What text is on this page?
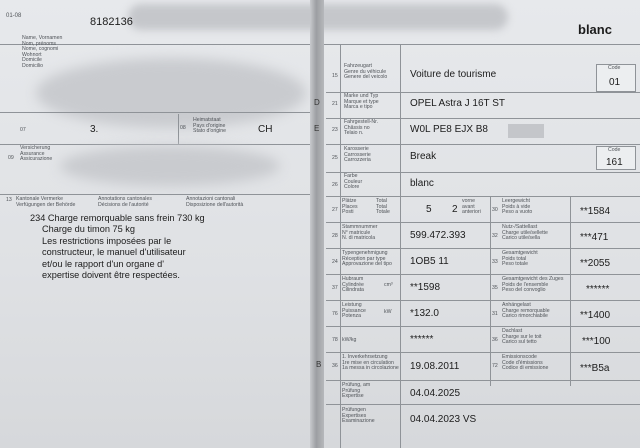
01-08	8182136	blanc
Name, Vornamen
Nom, prénoms
Nome, cognomi
Wohnort
Domicile
Domicilio
07	3.	08
Heimatstaat
Pays d'origine
Stato d'origine	CH
09
Versicherung
Assurance
Assicurazione
13 Kantonale Vermerke
Verfügungen der Behörde
Annotations cantonales
Décisions de l'autorité
Annotazioni cantonali
Disposizione dell'autorità
234 Charge remorquable sans frein 730 kg
Charge du timon 75 kg
Les restrictions imposées par le
constructeur, le manuel d'utilisateur
et/ou le rapport d'un organe d'
expertise doivent être respectées.
15
Fahrzeugart
Genre du véhicule
Genere del veicolo Voiture de tourisme
Code
01
D 21
Marke und Typ
Marque et type
Marca e tipo	OPEL Astra J 16T ST
E 23
Fahrgestell-Nr.
Châssis no
Telaio n.	W0L PE8 EJX B8
25
Karosserie
Carrosserie
Carrozzeria	Break
Code
161
26
Farbe
Couleur
Colore	blanc
27
Plätze
Places
Posti
Total
Total
Totale	5 2
vorne
avant
anteriori 30
Leergewicht
Poids à vide
Peso a vuoto	**1584
28
Stammnummer
N° matricule
N. di matricola	599.472.393	32
Nutz-/Sattellast
Charge utile/sellette
Carico utile/sella	***471
24
Typengenehmigung
Réception par type
Approvazione del tipo 1OB5 11	33
Gesamtgewicht
Poids total
Peso totale	**2055
37
Hubraum
Cylindrée
Cilindrata
cm³ **1598	35
Gesamtgewicht des Zuges
Poids de l'ensemble
Peso del convoglio	******
76
Leistung
Puissance
Potenza
kW *132.0	31
Anhängelast
Charge remorquable
Carico rimorchiabile	**1400
78 kW/kg	******	36
Dachlast
Charge sur le toit
Carico sul tetto	***100
B 36
1. Inverkehrsetzung
1re mise en circulation
1a messa in circolazione 19.08.2011	72
Emissionscode
Code d'émissions
Codice di emissione	***B5a
Prüfung, am
Prüfung
Expertise	04.04.2025
Prüfungen
Expertises
Esaminazione	04.04.2023 VS
